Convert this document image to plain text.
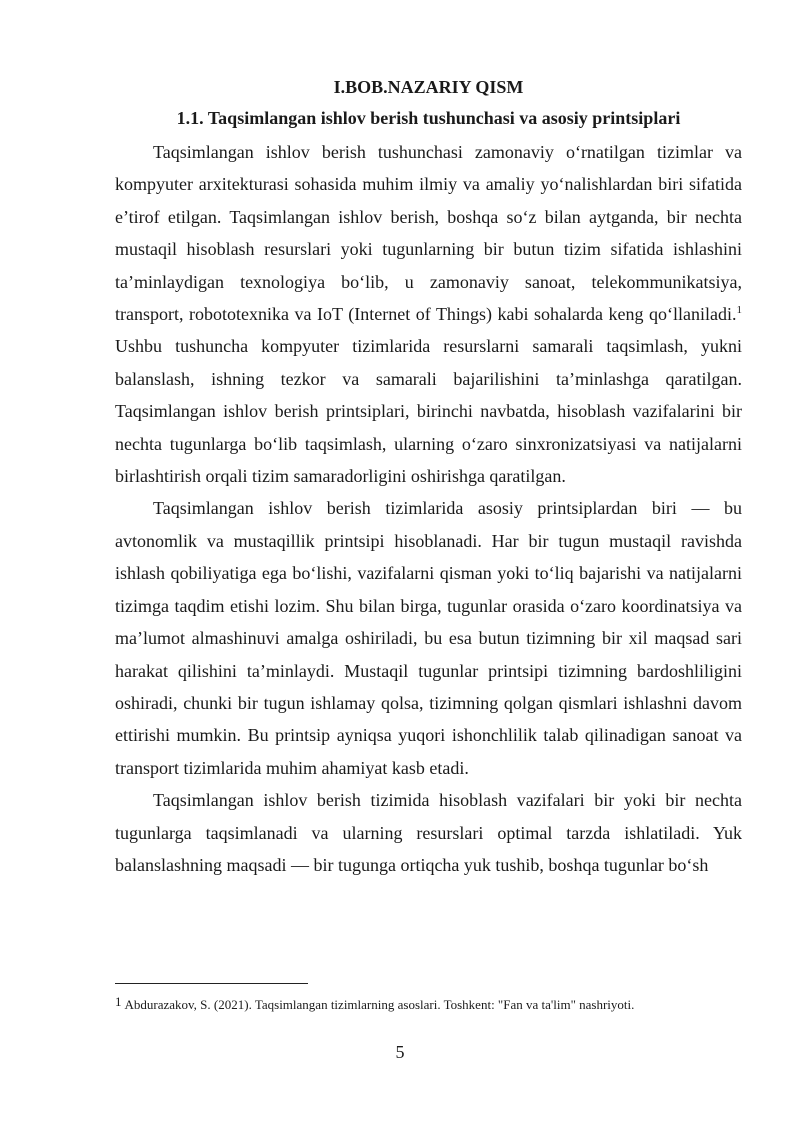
I.BOB.NAZARIY QISM

1.1. Taqsimlangan ishlov berish tushunchasi va asosiy printsiplari

Taqsimlangan ishlov berish tushunchasi zamonaviy o‘rnatilgan tizimlar va kompyuter arxitekturasi sohasida muhim ilmiy va amaliy yo‘nalishlardan biri sifatida e’tirof etilgan. Taqsimlangan ishlov berish, boshqa so‘z bilan aytganda, bir nechta mustaqil hisoblash resurslari yoki tugunlarning bir butun tizim sifatida ishlashini ta’minlaydigan texnologiya bo‘lib, u zamonaviy sanoat, telekommunikatsiya, transport, robototexnika va IoT (Internet of Things) kabi sohalarda keng qo‘llaniladi.$^1$ Ushbu tushuncha kompyuter tizimlarida resurslarni samarali taqsimlash, yukni balanslash, ishning tezkor va samarali bajarilishini ta’minlashga qaratilgan. Taqsimlangan ishlov berish printsiplari, birinchi navbatda, hisoblash vazifalarini bir nechta tugunlarga bo‘lib taqsimlash, ularning o‘zaro sinxronizatsiyasi va natijalarni birlashtirish orqali tizim samaradorligini oshirishga qaratilgan.

Taqsimlangan ishlov berish tizimlarida asosiy printsiplardan biri — bu avtonomlik va mustaqillik printsipi hisoblanadi. Har bir tugun mustaqil ravishda ishlash qobiliyatiga ega bo‘lishi, vazifalarni qisman yoki to‘liq bajarishi va natijalarni tizimga taqdim etishi lozim. Shu bilan birga, tugunlar orasida o‘zaro koordinatsiya va ma’lumot almashinuvi amalga oshiriladi, bu esa butun tizimning bir xil maqsad sari harakat qilishini ta’minlaydi. Mustaqil tugunlar printsipi tizimning bardoshliligini oshiradi, chunki bir tugun ishlamay qolsa, tizimning qolgan qismlari ishlashni davom ettirishi mumkin. Bu printsip ayniqsa yuqori ishonchlilik talab qilinadigan sanoat va transport tizimlarida muhim ahamiyat kasb etadi.

Taqsimlangan ishlov berish tizimida hisoblash vazifalari bir yoki bir nechta tugunlarga taqsimlanadi va ularning resurslari optimal tarzda ishlatiladi. Yuk balanslashning maqsadi — bir tugunga ortiqcha yuk tushib, boshqa tugunlar bo‘sh

1 Abdurazakov, S. (2021). Taqsimlangan tizimlarning asoslari. Toshkent: "Fan va ta'lim" nashriyoti.
5
